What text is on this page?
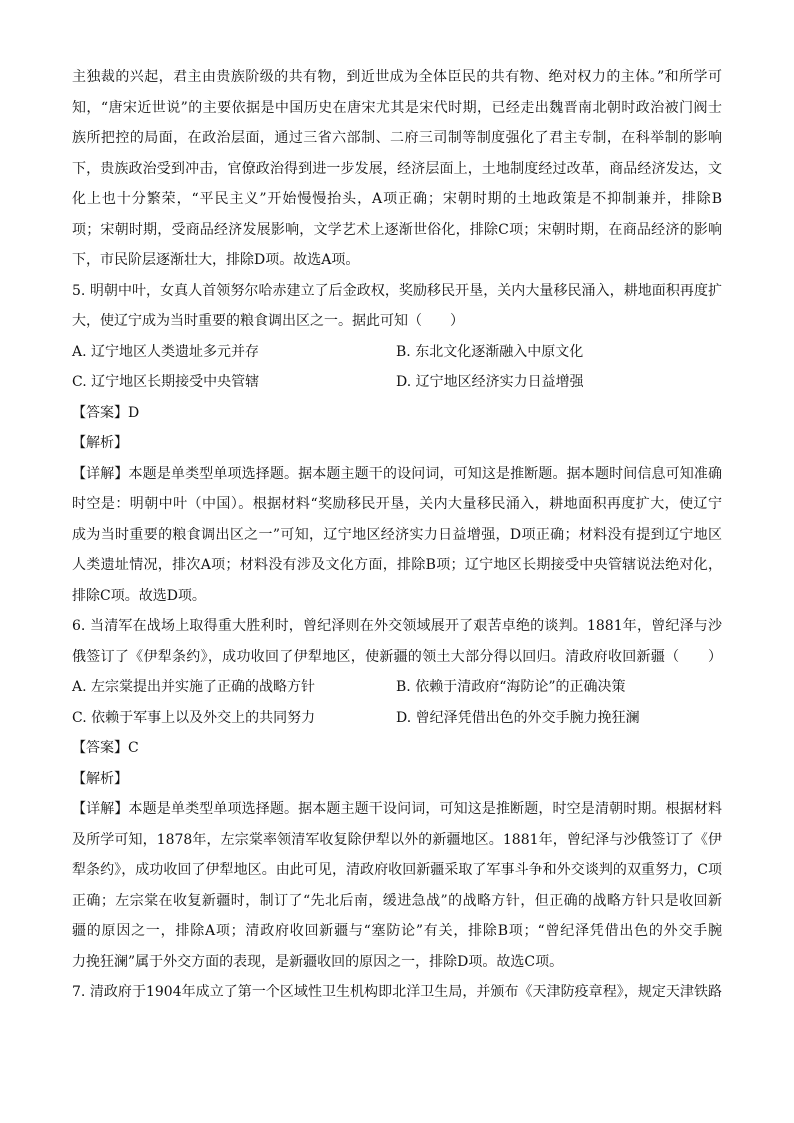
主独裁的兴起，君主由贵族阶级的共有物，到近世成为全体臣民的共有物、绝对权力的主体。”和所学可
知，“唐宋近世说”的主要依据是中国历史在唐宋尤其是宋代时期，已经走出魏晋南北朝时政治被门阀士
族所把控的局面，在政治层面，通过三省六部制、二府三司制等制度强化了君主专制，在科举制的影响
下，贵族政治受到冲击，官僚政治得到进一步发展，经济层面上，土地制度经过改革，商品经济发达，文
化上也十分繁荣，“平民主义”开始慢慢抬头，A项正确；宋朝时期的土地政策是不抑制兼并，排除B
项；宋朝时期，受商品经济发展影响，文学艺术上逐渐世俗化，排除C项；宋朝时期，在商品经济的影响
下，市民阶层逐渐壮大，排除D项。故选A项。
5. 明朝中叶，女真人首领努尔哈赤建立了后金政权，奖励移民开垦，关内大量移民涌入，耕地面积再度扩
大，使辽宁成为当时重要的粮食调出区之一。据此可知（　　）
A. 辽宁地区人类遗址多元并存	B. 东北文化逐渐融入中原文化
C. 辽宁地区长期接受中央管辖	D. 辽宁地区经济实力日益增强
【答案】D
【解析】
【详解】本题是单类型单项选择题。据本题主题干的设问词，可知这是推断题。据本题时间信息可知准确
时空是：明朝中叶（中国）。根据材料“奖励移民开垦，关内大量移民涌入，耕地面积再度扩大，使辽宁
成为当时重要的粮食调出区之一”可知，辽宁地区经济实力日益增强，D项正确；材料没有提到辽宁地区
人类遗址情况，排次A项；材料没有涉及文化方面，排除B项；辽宁地区长期接受中央管辖说法绝对化，
排除C项。故选D项。
6. 当清军在战场上取得重大胜利时，曾纪泽则在外交领域展开了艰苦卓绝的谈判。1881年，曾纪泽与沙
俄签订了《伊犁条约》，成功收回了伊犁地区，使新疆的领土大部分得以回归。清政府收回新疆（　　）
A. 左宗棠提出并实施了正确的战略方针	B. 依赖于清政府“海防论”的正确决策
C. 依赖于军事上以及外交上的共同努力	D. 曾纪泽凭借出色的外交手腕力挽狂澜
【答案】C
【解析】
【详解】本题是单类型单项选择题。据本题主题干设问词，可知这是推断题，时空是清朝时期。根据材料
及所学可知，1878年，左宗棠率领清军收复除伊犁以外的新疆地区。1881年，曾纪泽与沙俄签订了《伊
犁条约》，成功收回了伊犁地区。由此可见，清政府收回新疆采取了军事斗争和外交谈判的双重努力，C项
正确；左宗棠在收复新疆时，制订了“先北后南，缓进急战”的战略方针，但正确的战略方针只是收回新
疆的原因之一，排除A项；清政府收回新疆与“塞防论”有关，排除B项；“曾纪泽凭借出色的外交手腕
力挽狂澜”属于外交方面的表现，是新疆收回的原因之一，排除D项。故选C项。
7. 清政府于1904年成立了第一个区域性卫生机构即北洋卫生局，并颁布《天津防疫章程》，规定天津铁路
